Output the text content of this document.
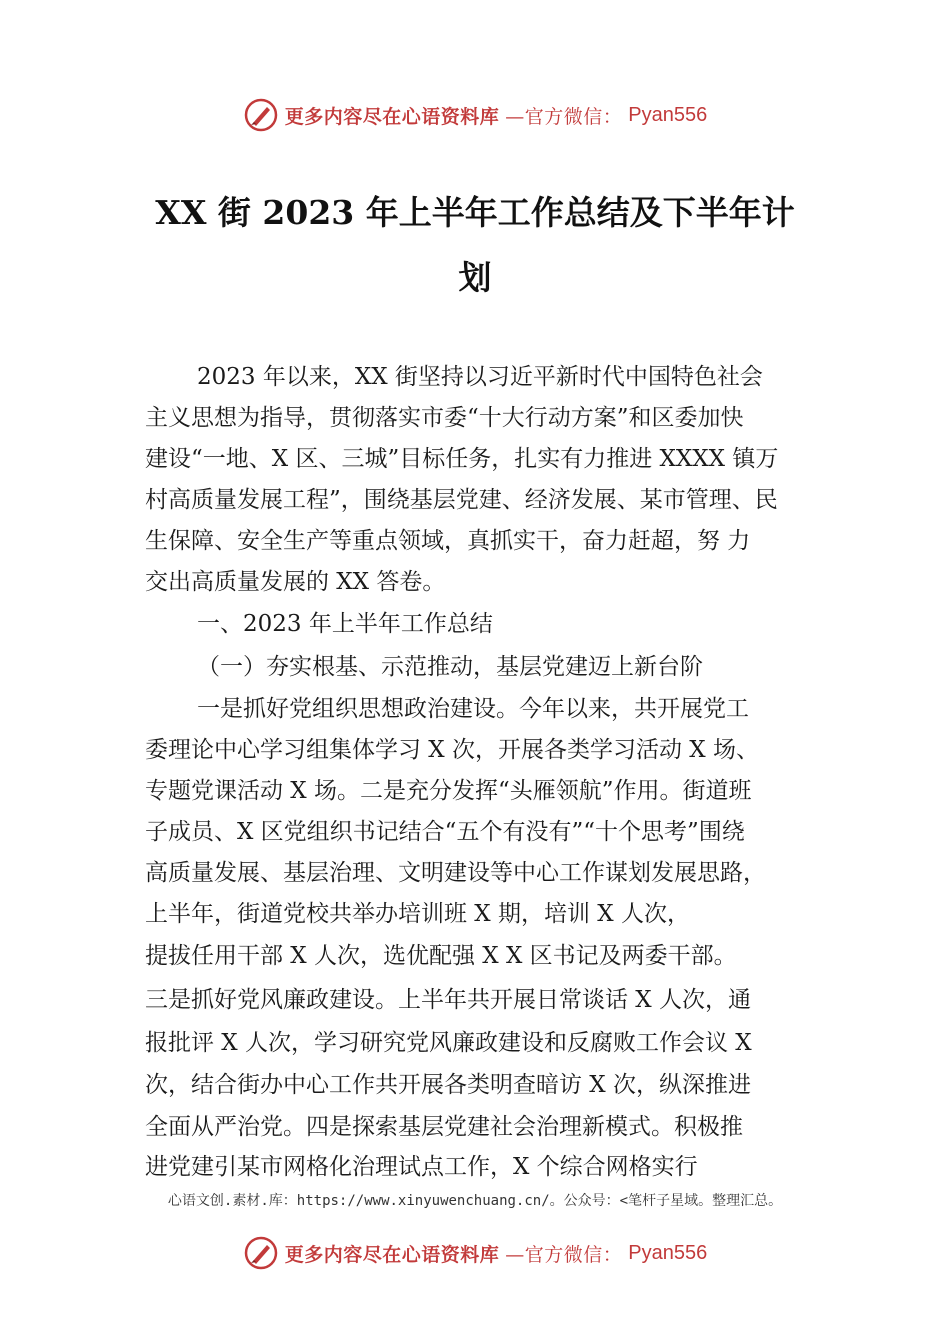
更多内容尽在心语资料库 —官方微信： Pyan556
XX 街 2023 年上半年工作总结及下半年计
划
2023 年以来，XX 街坚持以习近平新时代中国特色社会
主义思想为指导，贯彻落实市委“十大行动方案”和区委加快
建设“一地、X 区、三城”目标任务，扎实有力推进 XXXX 镇万
村高质量发展工程”，围绕基层党建、经济发展、某市管理、民
生保障、安全生产等重点领域，真抓实干，奋力赶超，努 力
交出高质量发展的 XX 答卷。
一、2023 年上半年工作总结
（一）夯实根基、示范推动，基层党建迈上新台阶
一是抓好党组织思想政治建设。今年以来，共开展党工
委理论中心学习组集体学习 X 次，开展各类学习活动 X 场、
专题党课活动 X 场。二是充分发挥“头雁领航”作用。街道班
子成员、X 区党组织书记结合“五个有没有”“十个思考”围绕
高质量发展、基层治理、文明建设等中心工作谋划发展思路，
上半年，街道党校共举办培训班 X 期，培训 X 人次，
提拔任用干部 X 人次，选优配强 X X 区书记及两委干部。
三是抓好党风廉政建设。上半年共开展日常谈话 X 人次，通
报批评 X 人次，学习研究党风廉政建设和反腐败工作会议 X
次，结合街办中心工作共开展各类明查暗访 X 次，纵深推进
全面从严治党。四是探索基层党建社会治理新模式。积极推
进党建引某市网格化治理试点工作，X 个综合网格实行
心语文创.素材.库：https://www.xinyuwenchuang.cn/。公众号：<笔杆子星域。整理汇总。
更多内容尽在心语资料库 —官方微信： Pyan556
